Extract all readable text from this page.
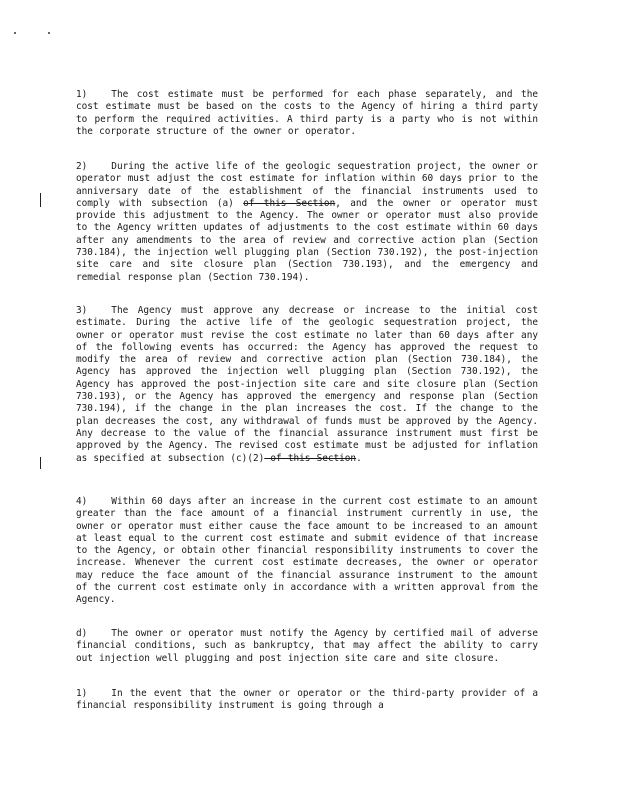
1)	The cost estimate must be performed for each phase separately, and the cost estimate must be based on the costs to the Agency of hiring a third party to perform the required activities. A third party is a party who is not within the corporate structure of the owner or operator.
2)	During the active life of the geologic sequestration project, the owner or operator must adjust the cost estimate for inflation within 60 days prior to the anniversary date of the establishment of the financial instruments used to comply with subsection (a) of this Section, and the owner or operator must provide this adjustment to the Agency. The owner or operator must also provide to the Agency written updates of adjustments to the cost estimate within 60 days after any amendments to the area of review and corrective action plan (Section 730.184), the injection well plugging plan (Section 730.192), the post-injection site care and site closure plan (Section 730.193), and the emergency and remedial response plan (Section 730.194).
3)	The Agency must approve any decrease or increase to the initial cost estimate. During the active life of the geologic sequestration project, the owner or operator must revise the cost estimate no later than 60 days after any of the following events has occurred: the Agency has approved the request to modify the area of review and corrective action plan (Section 730.184), the Agency has approved the injection well plugging plan (Section 730.192), the Agency has approved the post-injection site care and site closure plan (Section 730.193), or the Agency has approved the emergency and response plan (Section 730.194), if the change in the plan increases the cost. If the change to the plan decreases the cost, any withdrawal of funds must be approved by the Agency. Any decrease to the value of the financial assurance instrument must first be approved by the Agency. The revised cost estimate must be adjusted for inflation as specified at subsection (c)(2) of this Section.
4)	Within 60 days after an increase in the current cost estimate to an amount greater than the face amount of a financial instrument currently in use, the owner or operator must either cause the face amount to be increased to an amount at least equal to the current cost estimate and submit evidence of that increase to the Agency, or obtain other financial responsibility instruments to cover the increase. Whenever the current cost estimate decreases, the owner or operator may reduce the face amount of the financial assurance instrument to the amount of the current cost estimate only in accordance with a written approval from the Agency.
d)	The owner or operator must notify the Agency by certified mail of adverse financial conditions, such as bankruptcy, that may affect the ability to carry out injection well plugging and post injection site care and site closure.
1)	In the event that the owner or operator or the third-party provider of a financial responsibility instrument is going through a
